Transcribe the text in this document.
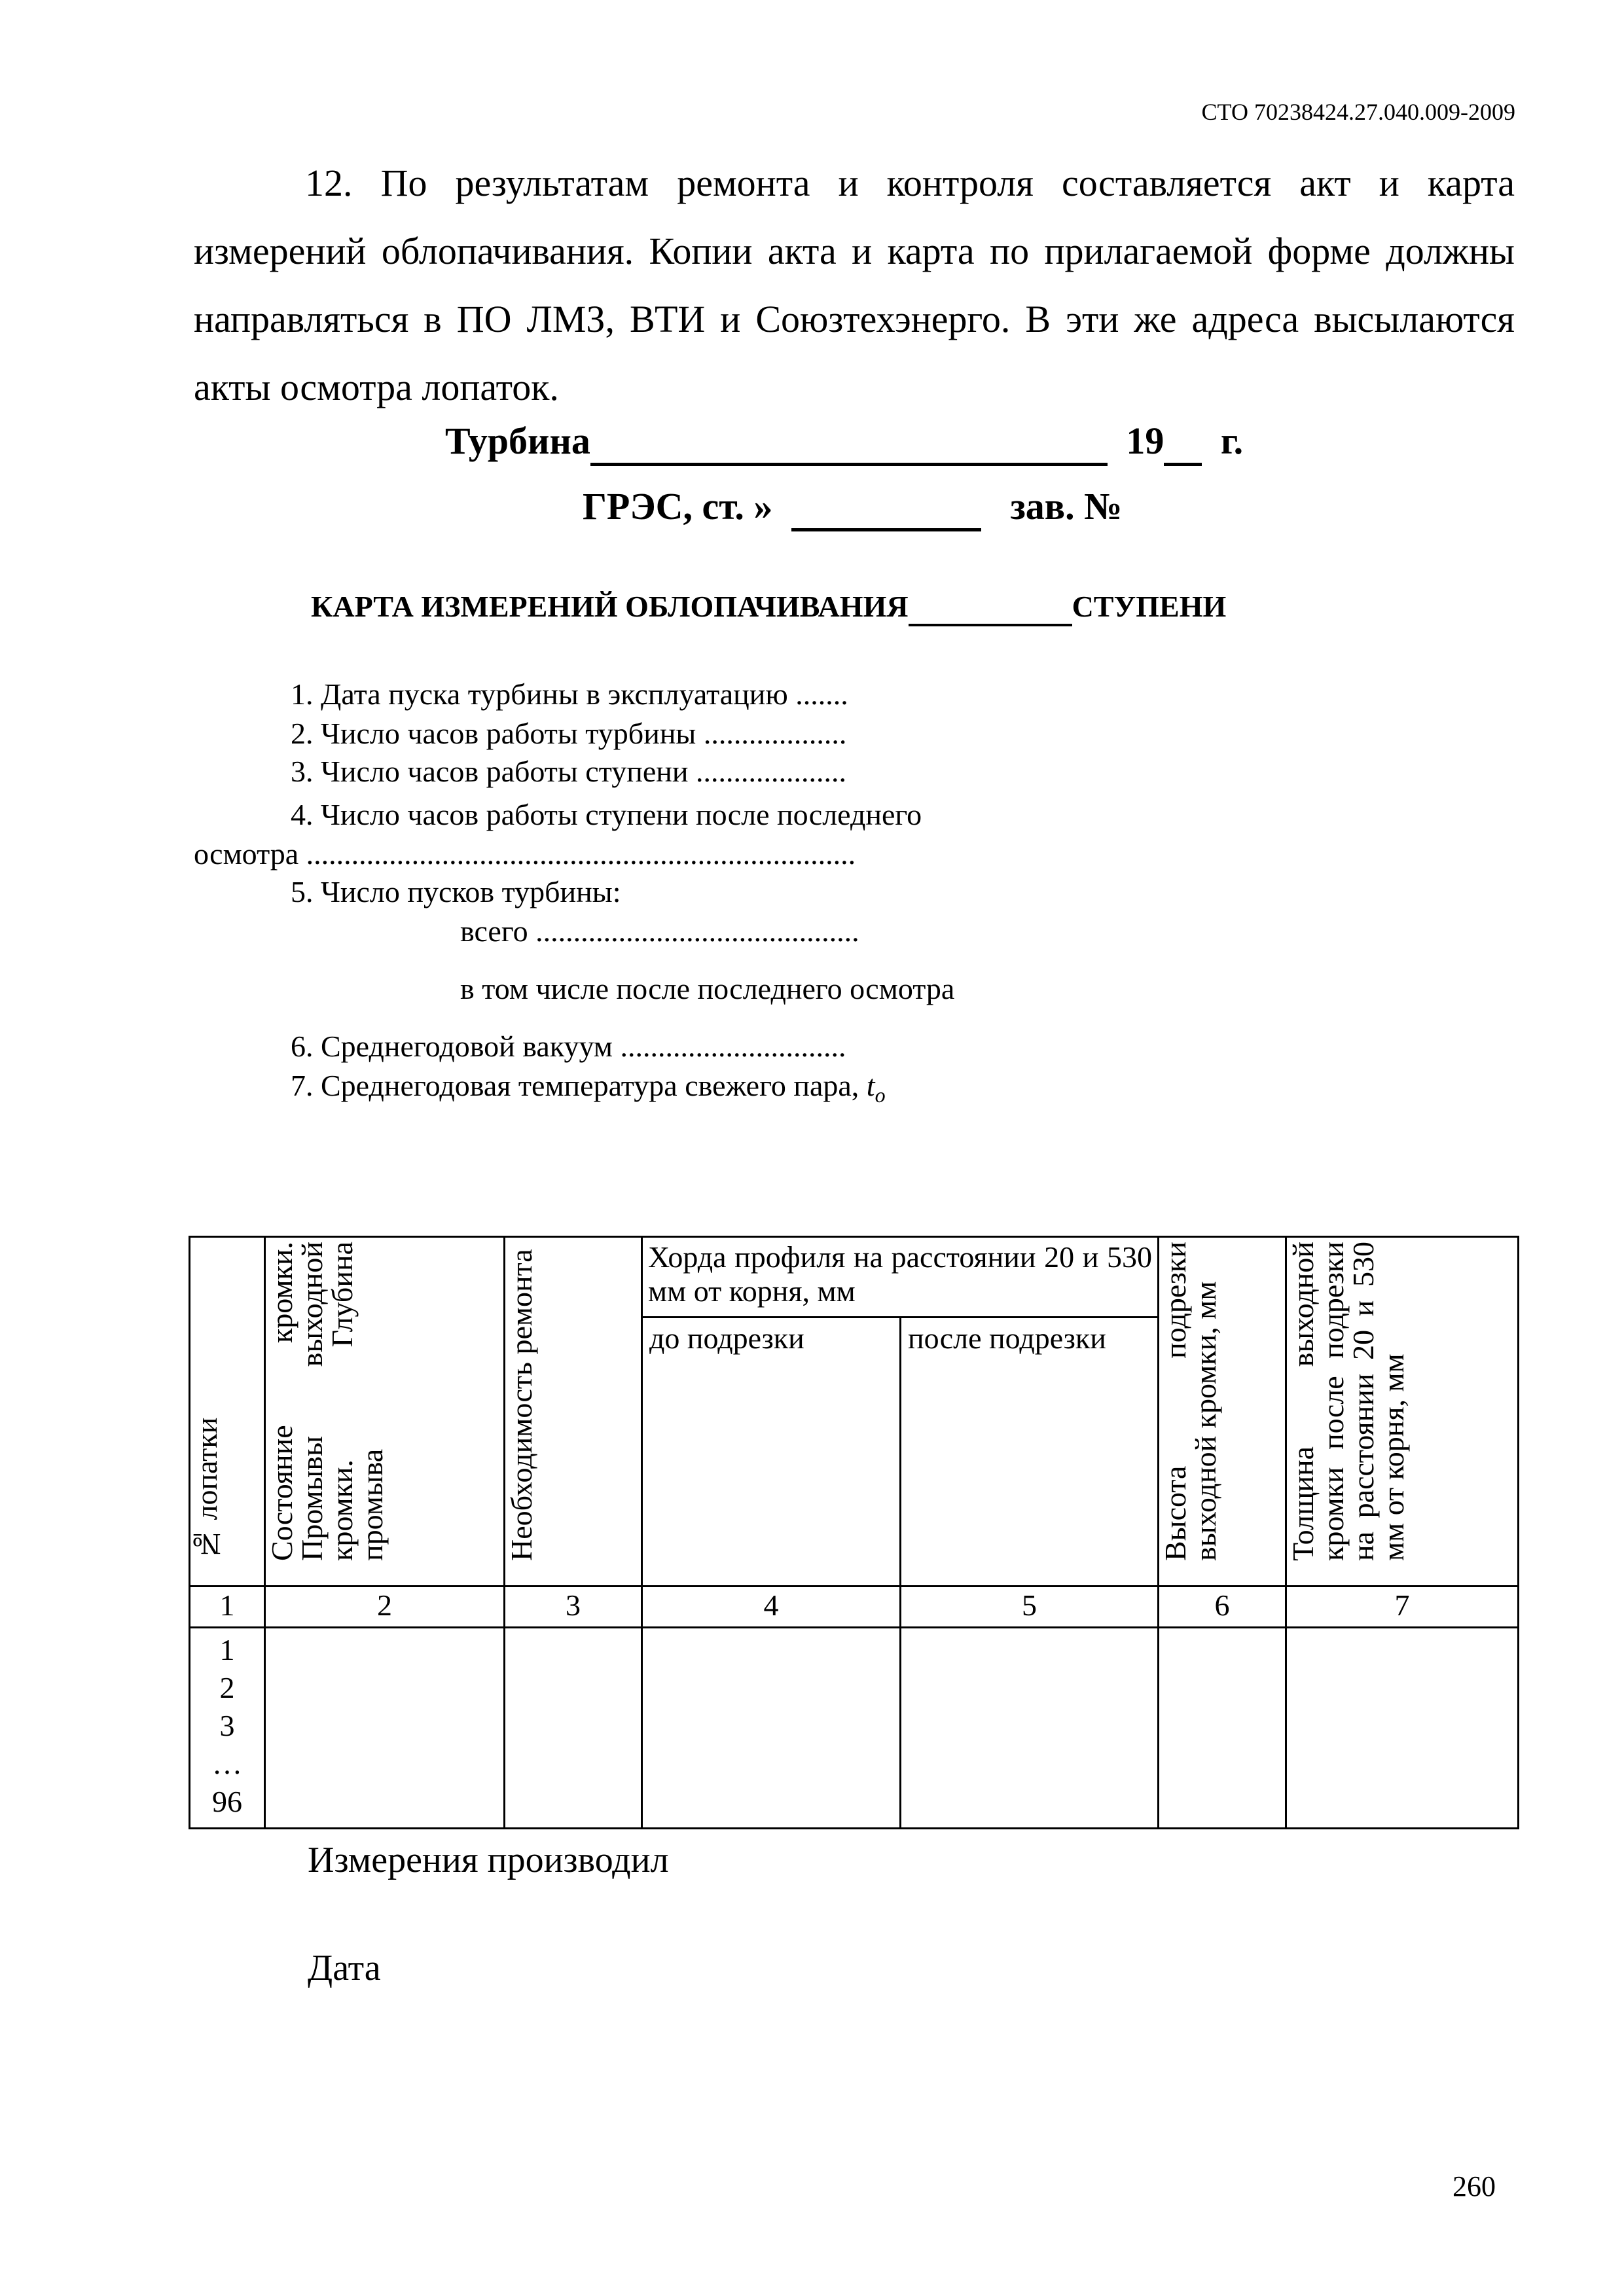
СТО 70238424.27.040.009-2009

12. По результатам ремонта и контроля составляется акт и карта измерений облопачивания. Копии акта и карта по прилагаемой форме должны направляться в ПО ЛМЗ, ВТИ и Союзтехэнерго. В эти же адреса высылаются акты осмотра лопаток.

Турбина	19 г.
ГРЭС, ст. »	зав. №
КАРТА ИЗМЕРЕНИЙ ОБЛОПАЧИВАНИЯ	СТУПЕНИ
1. Дата пуска турбины в эксплуатацию .......
2. Число часов работы турбины ...................
3. Число часов работы ступени ....................
4. Число часов работы ступени после последнего
осмотра .........................................................................
5. Число пусков турбины:
всего ...........................................
в том числе после последнего осмотра
6. Среднегодовой вакуум ..............................
7. Среднегодовая температура свежего пара, $t_o$
№ лопатки	Состояние кромки. Промывы выходной кромки. Глубина промыва	Необходимость ремонта	Хорда профиля на расстоянии 20 и 530 мм от корня, мм		Высота подрезки выходной кромки, мм	Толщина выходной кромки после подрезки на расстоянии 20 и 530 мм от корня, мм

			до подрезки	после подрезки		
1	2	3	4	5	6	7

1
2
3
…
96						

Измерения производил
Дата
260
